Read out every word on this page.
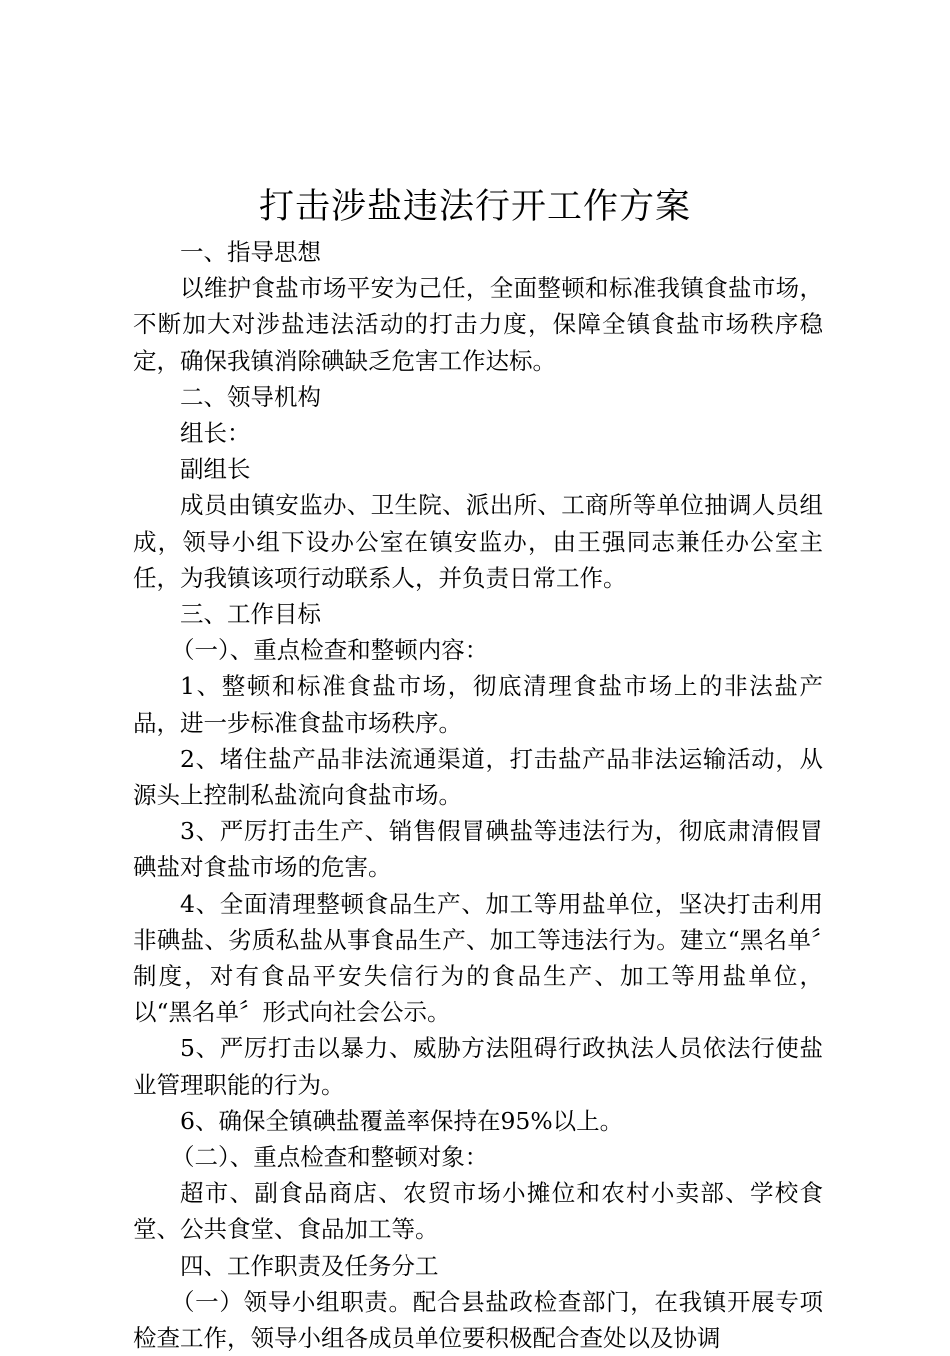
打击涉盐违法行开工作方案

一、指导思想

以维护食盐市场平安为己任，全面整顿和标准我镇食盐市场，不断加大对涉盐违法活动的打击力度，保障全镇食盐市场秩序稳定，确保我镇消除碘缺乏危害工作达标。

二、领导机构

组长：

副组长

成员由镇安监办、卫生院、派出所、工商所等单位抽调人员组成，领导小组下设办公室在镇安监办，由王强同志兼任办公室主任，为我镇该项行动联系人，并负责日常工作。

三、工作目标

（一）、重点检查和整顿内容：

1、整顿和标准食盐市场，彻底清理食盐市场上的非法盐产品，进一步标准食盐市场秩序。

2、堵住盐产品非法流通渠道，打击盐产品非法运输活动，从源头上控制私盐流向食盐市场。

3、严厉打击生产、销售假冒碘盐等违法行为，彻底肃清假冒碘盐对食盐市场的危害。

4、全面清理整顿食品生产、加工等用盐单位，坚决打击利用非碘盐、劣质私盐从事食品生产、加工等违法行为。建立“黑名单〞制度，对有食品平安失信行为的食品生产、加工等用盐单位，以“黑名单〞形式向社会公示。

5、严厉打击以暴力、威胁方法阻碍行政执法人员依法行使盐业管理职能的行为。

6、确保全镇碘盐覆盖率保持在95%以上。

（二）、重点检查和整顿对象：

超市、副食品商店、农贸市场小摊位和农村小卖部、学校食堂、公共食堂、食品加工等。

四、工作职责及任务分工

（一）领导小组职责。配合县盐政检查部门，在我镇开展专项检查工作，领导小组各成员单位要积极配合查处以及协调
